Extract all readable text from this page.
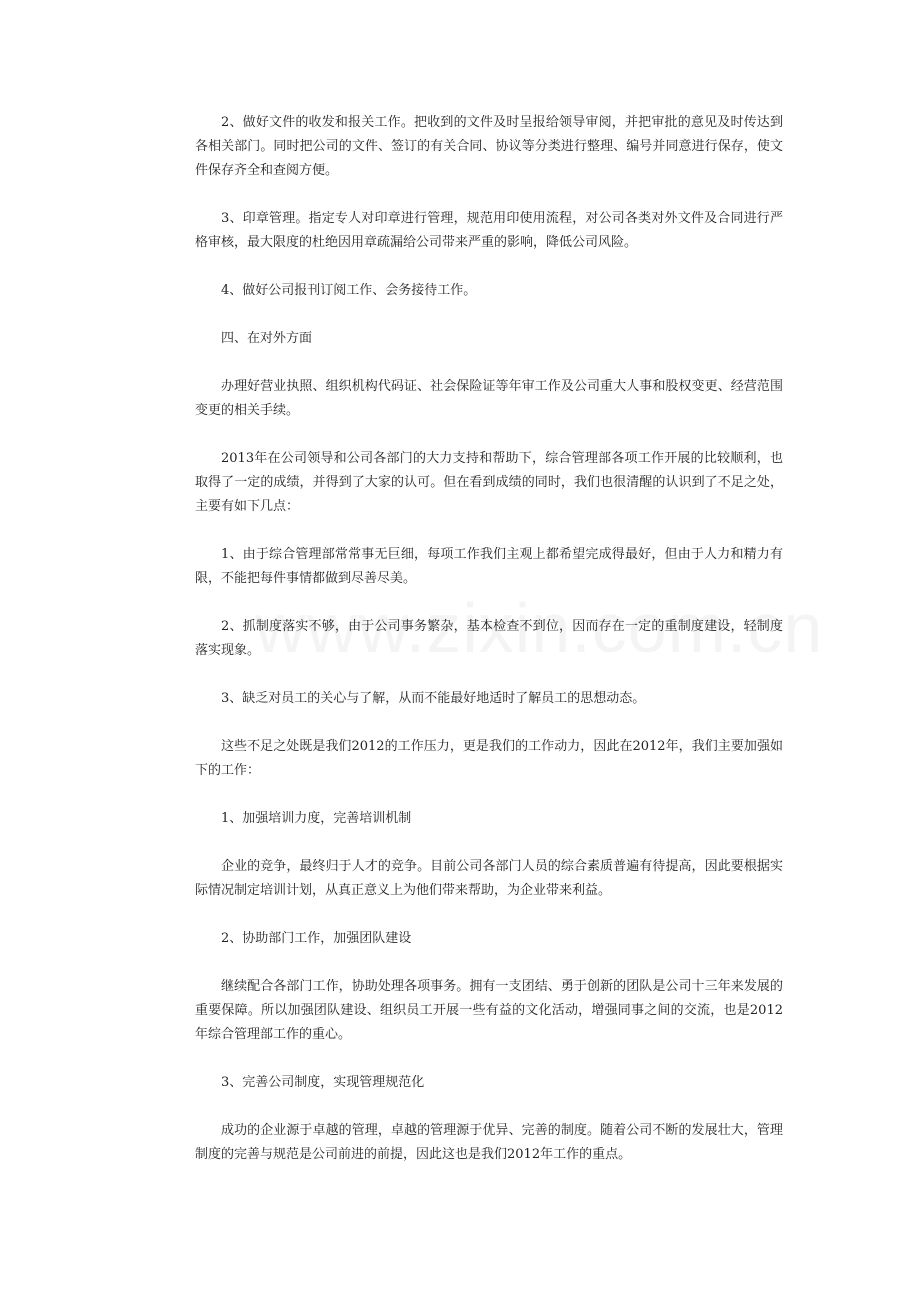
2、做好文件的收发和报关工作。把收到的文件及时呈报给领导审阅，并把审批的意见及时传达到各相关部门。同时把公司的文件、签订的有关合同、协议等分类进行整理、编号并同意进行保存，使文件保存齐全和查阅方便。

3、印章管理。指定专人对印章进行管理，规范用印使用流程，对公司各类对外文件及合同进行严格审核，最大限度的杜绝因用章疏漏给公司带来严重的影响，降低公司风险。

4、做好公司报刊订阅工作、会务接待工作。

四、在对外方面

办理好营业执照、组织机构代码证、社会保险证等年审工作及公司重大人事和股权变更、经营范围变更的相关手续。

2013年在公司领导和公司各部门的大力支持和帮助下，综合管理部各项工作开展的比较顺利，也取得了一定的成绩，并得到了大家的认可。但在看到成绩的同时，我们也很清醒的认识到了不足之处，主要有如下几点：

1、由于综合管理部常常事无巨细，每项工作我们主观上都希望完成得最好，但由于人力和精力有限，不能把每件事情都做到尽善尽美。

2、抓制度落实不够，由于公司事务繁杂，基本检查不到位，因而存在一定的重制度建设，轻制度落实现象。

3、缺乏对员工的关心与了解，从而不能最好地适时了解员工的思想动态。

这些不足之处既是我们2012的工作压力，更是我们的工作动力，因此在2012年，我们主要加强如下的工作：

1、加强培训力度，完善培训机制

企业的竞争，最终归于人才的竞争。目前公司各部门人员的综合素质普遍有待提高，因此要根据实际情况制定培训计划，从真正意义上为他们带来帮助，为企业带来利益。

2、协助部门工作，加强团队建设

继续配合各部门工作，协助处理各项事务。拥有一支团结、勇于创新的团队是公司十三年来发展的重要保障。所以加强团队建设、组织员工开展一些有益的文化活动，增强同事之间的交流，也是2012年综合管理部工作的重心。

3、完善公司制度，实现管理规范化

成功的企业源于卓越的管理，卓越的管理源于优异、完善的制度。随着公司不断的发展壮大，管理制度的完善与规范是公司前进的前提，因此这也是我们2012年工作的重点。
